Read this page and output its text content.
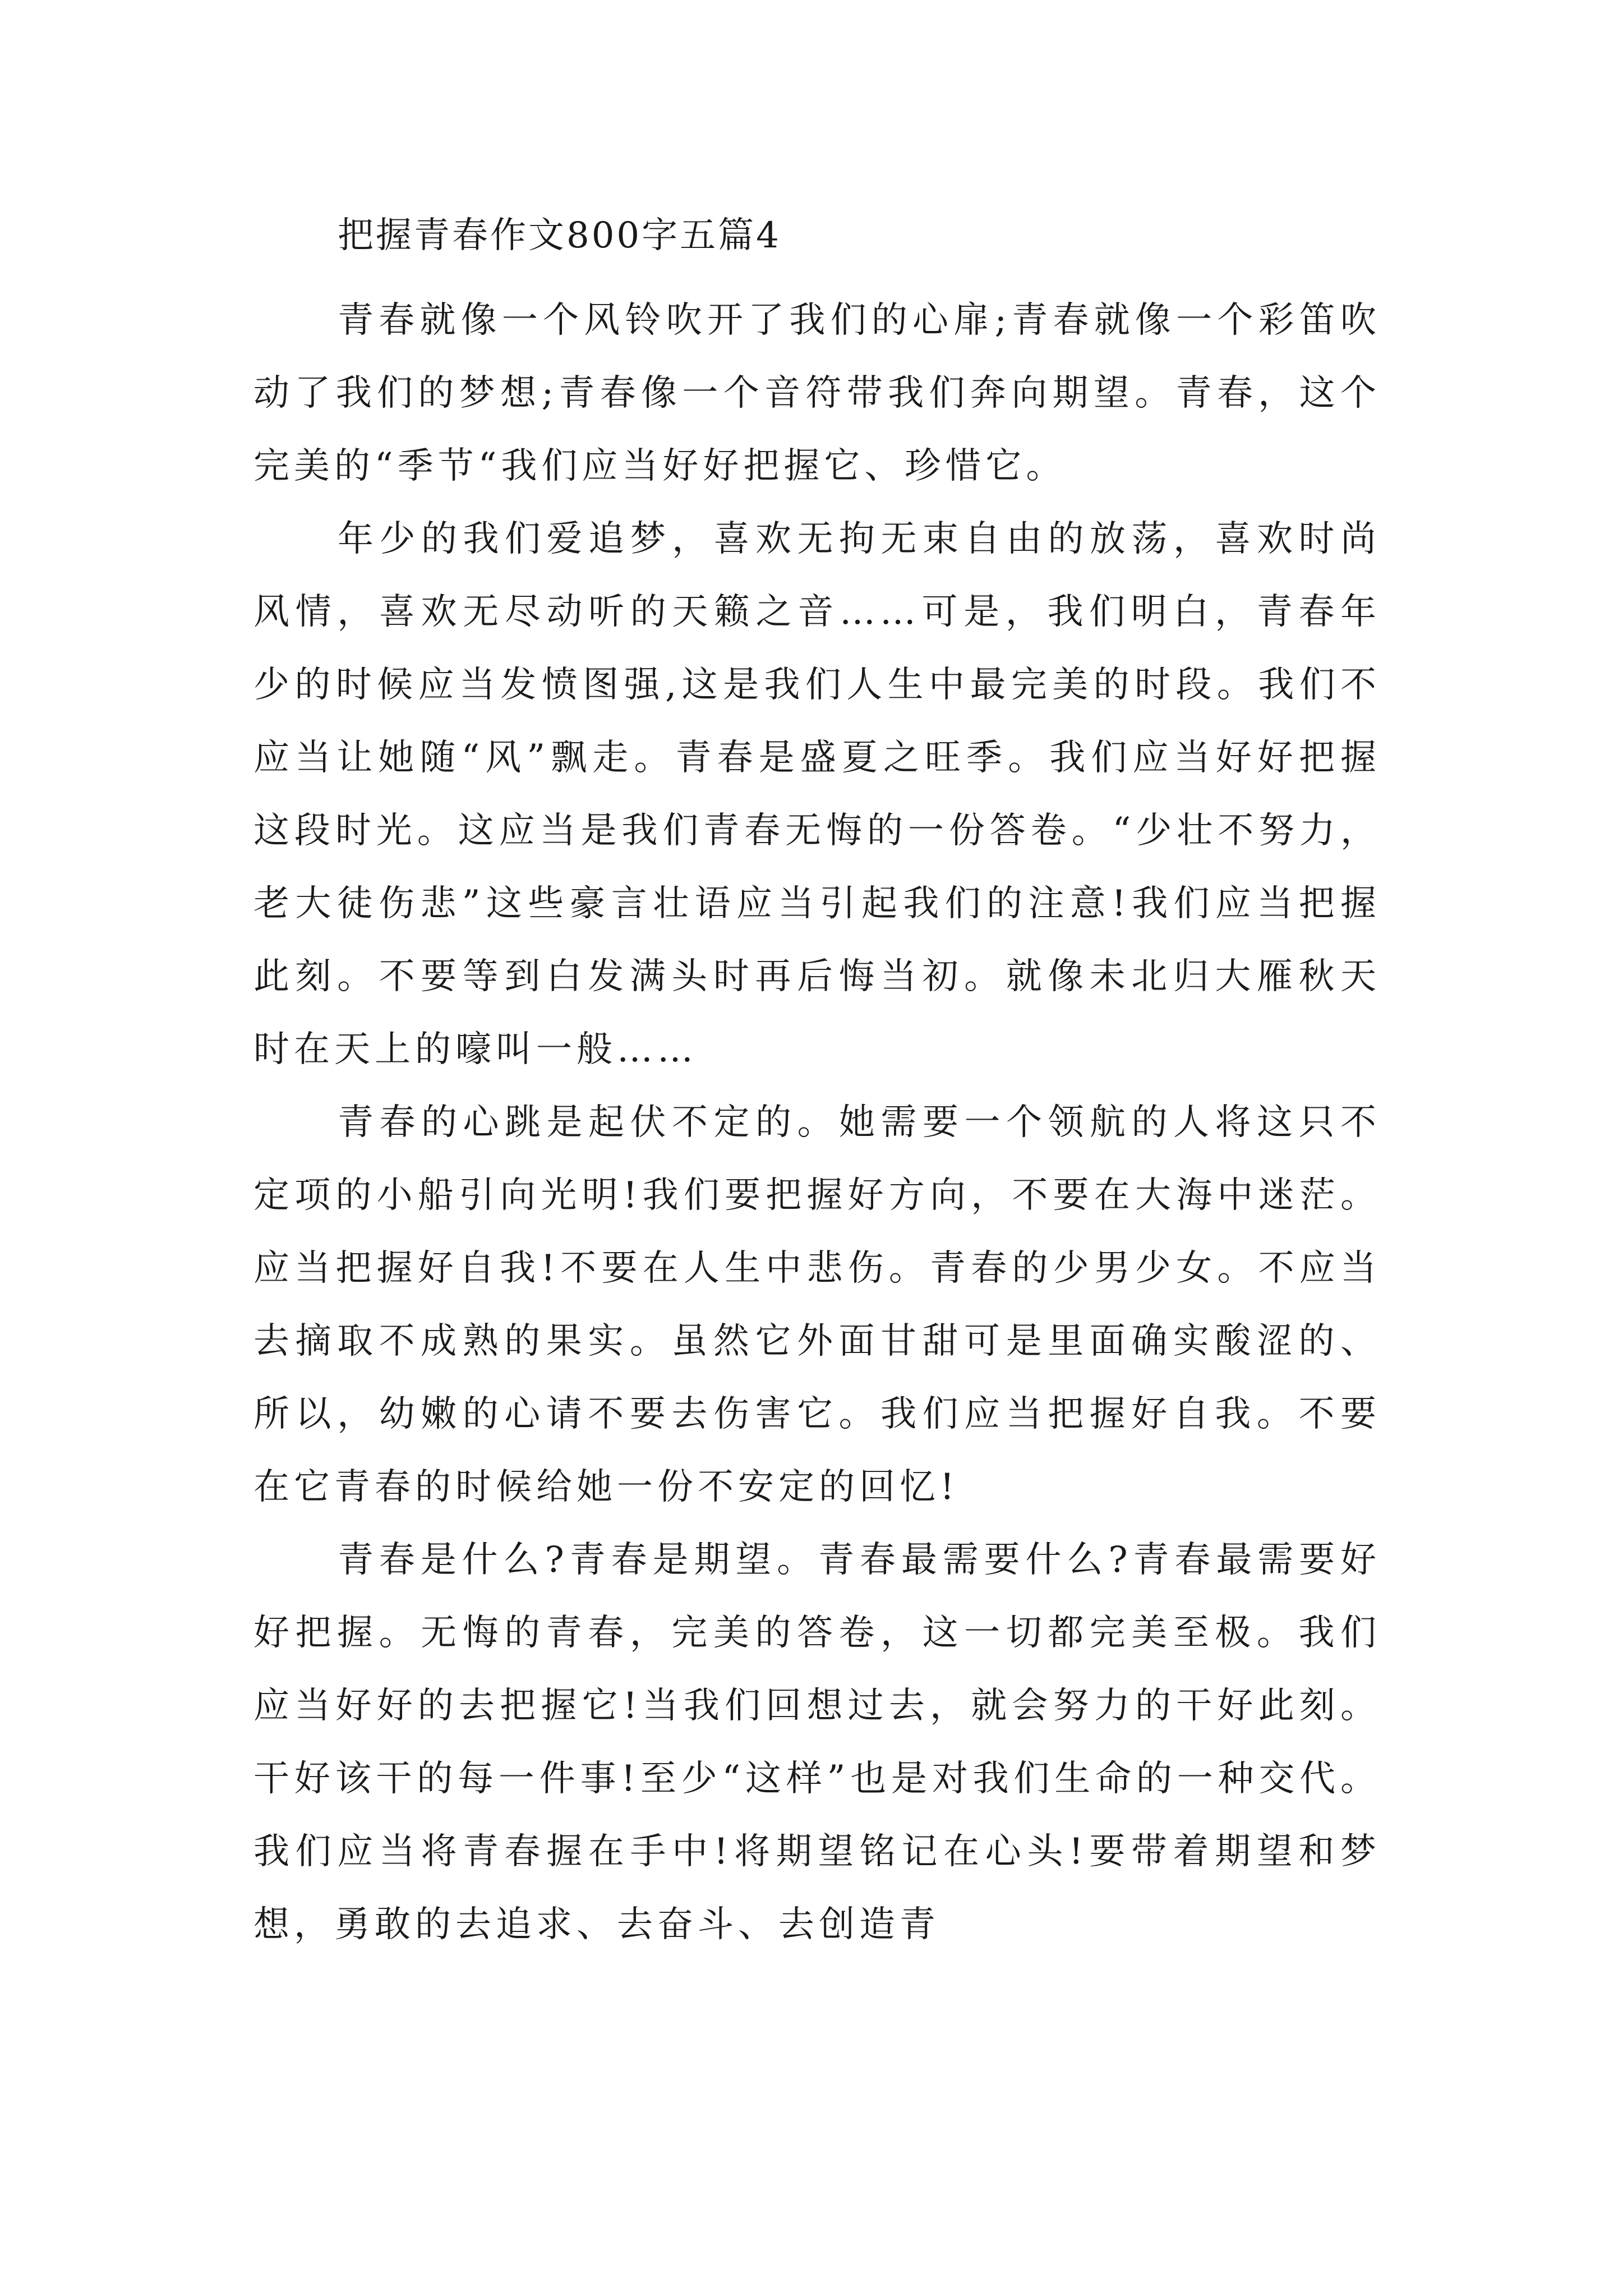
把握青春作文800字五篇4

青春就像一个风铃吹开了我们的心扉;青春就像一个彩笛吹动了我们的梦想;青春像一个音符带我们奔向期望。青春，这个完美的“季节“我们应当好好把握它、珍惜它。

年少的我们爱追梦，喜欢无拘无束自由的放荡，喜欢时尚风情，喜欢无尽动听的天籁之音……可是，我们明白，青春年少的时候应当发愤图强,这是我们人生中最完美的时段。我们不应当让她随“风”飘走。青春是盛夏之旺季。我们应当好好把握这段时光。这应当是我们青春无悔的一份答卷。“少壮不努力，老大徒伤悲”这些豪言壮语应当引起我们的注意!我们应当把握此刻。不要等到白发满头时再后悔当初。就像未北归大雁秋天时在天上的嚎叫一般……

青春的心跳是起伏不定的。她需要一个领航的人将这只不定项的小船引向光明!我们要把握好方向，不要在大海中迷茫。应当把握好自我!不要在人生中悲伤。青春的少男少女。不应当去摘取不成熟的果实。虽然它外面甘甜可是里面确实酸涩的、所以，幼嫩的心请不要去伤害它。我们应当把握好自我。不要在它青春的时候给她一份不安定的回忆!

青春是什么?青春是期望。青春最需要什么?青春最需要好好把握。无悔的青春，完美的答卷，这一切都完美至极。我们应当好好的去把握它!当我们回想过去，就会努力的干好此刻。干好该干的每一件事!至少“这样”也是对我们生命的一种交代。我们应当将青春握在手中!将期望铭记在心头!要带着期望和梦想，勇敢的去追求、去奋斗、去创造青
